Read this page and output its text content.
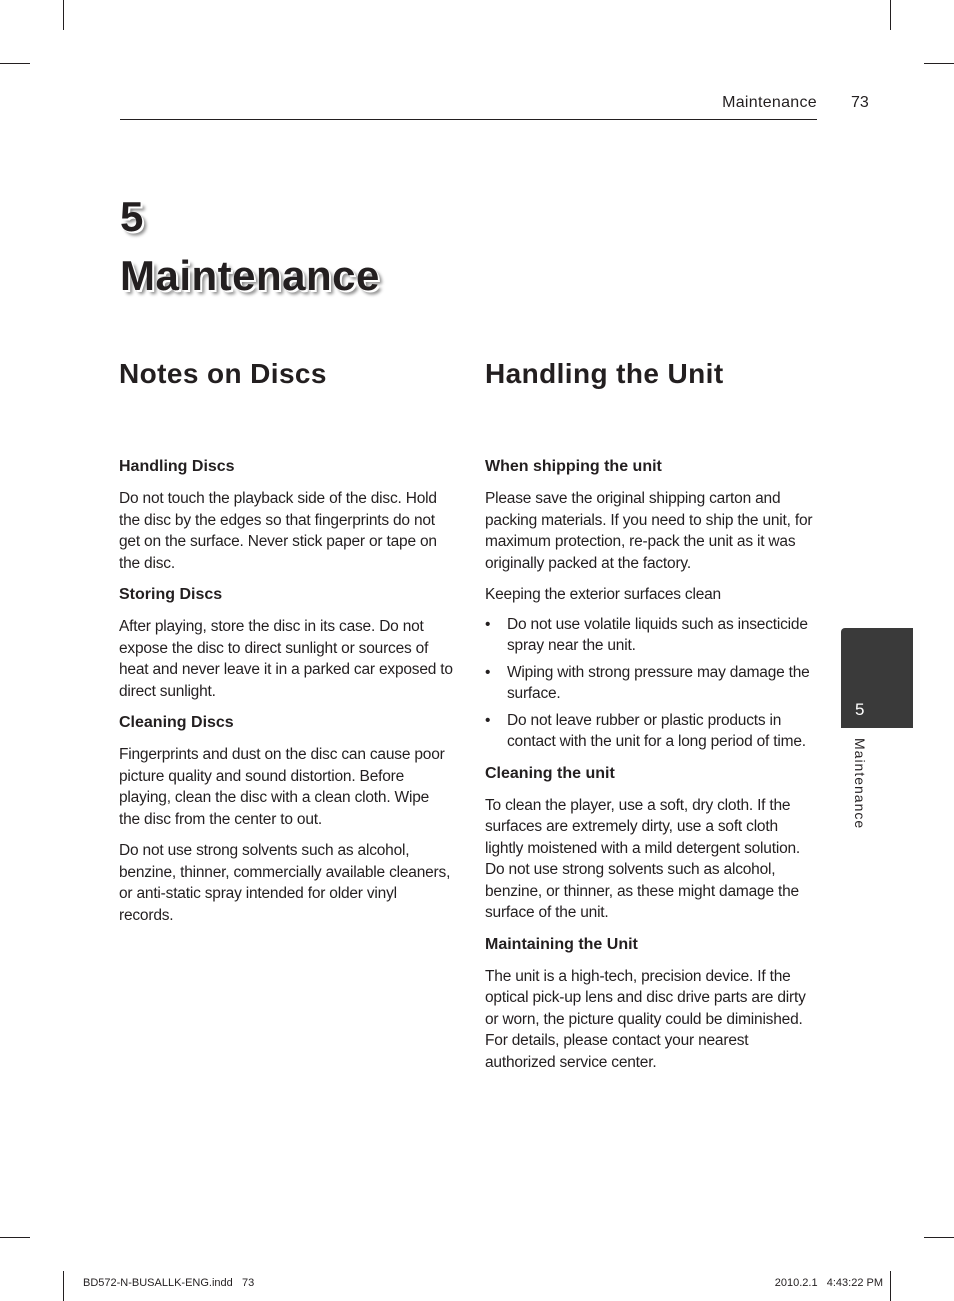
Maintenance 73
5
Maintenance
Notes on Discs
Handling Discs

Do not touch the playback side of the disc. Hold the disc by the edges so that fingerprints do not get on the surface. Never stick paper or tape on the disc.

Storing Discs

After playing, store the disc in its case. Do not expose the disc to direct sunlight or sources of heat and never leave it in a parked car exposed to direct sunlight.

Cleaning Discs

Fingerprints and dust on the disc can cause poor picture quality and sound distortion. Before playing, clean the disc with a clean cloth. Wipe the disc from the center to out.

Do not use strong solvents such as alcohol, benzine, thinner, commercially available cleaners, or anti-static spray intended for older vinyl records.

Handling the Unit
When shipping the unit

Please save the original shipping carton and packing materials. If you need to ship the unit, for maximum protection, re-pack the unit as it was originally packed at the factory.

Keeping the exterior surfaces clean

• Do not use volatile liquids such as insecticide spray near the unit.
• Wiping with strong pressure may damage the surface.
• Do not leave rubber or plastic products in contact with the unit for a long period of time.
Cleaning the unit

To clean the player, use a soft, dry cloth. If the surfaces are extremely dirty, use a soft cloth lightly moistened with a mild detergent solution. Do not use strong solvents such as alcohol, benzine, or thinner, as these might damage the surface of the unit.

Maintaining the Unit

The unit is a high-tech, precision device. If the optical pick-up lens and disc drive parts are dirty or worn, the picture quality could be diminished. For details, please contact your nearest authorized service center.

5
Maintenance
BD572-N-BUSALLK-ENG.indd   73	2010.2.1   4:43:22 PM
